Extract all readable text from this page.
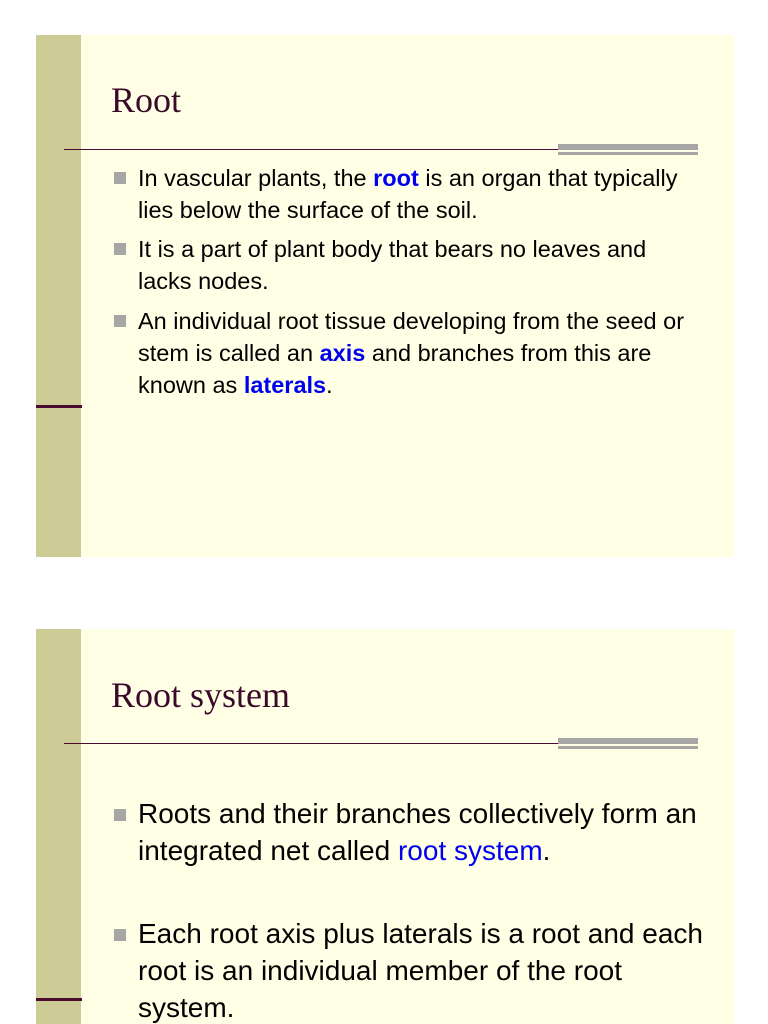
Root
In vascular plants, the root is an organ that typically lies below the surface of the soil.
It is a part of plant body that bears no leaves and lacks nodes.
An individual root tissue developing from the seed or stem is called an axis and branches from this are known as laterals.
Root system
Roots and their branches collectively form an integrated net called root system.
Each root axis plus laterals is a root and each root is an individual member of the root system.
